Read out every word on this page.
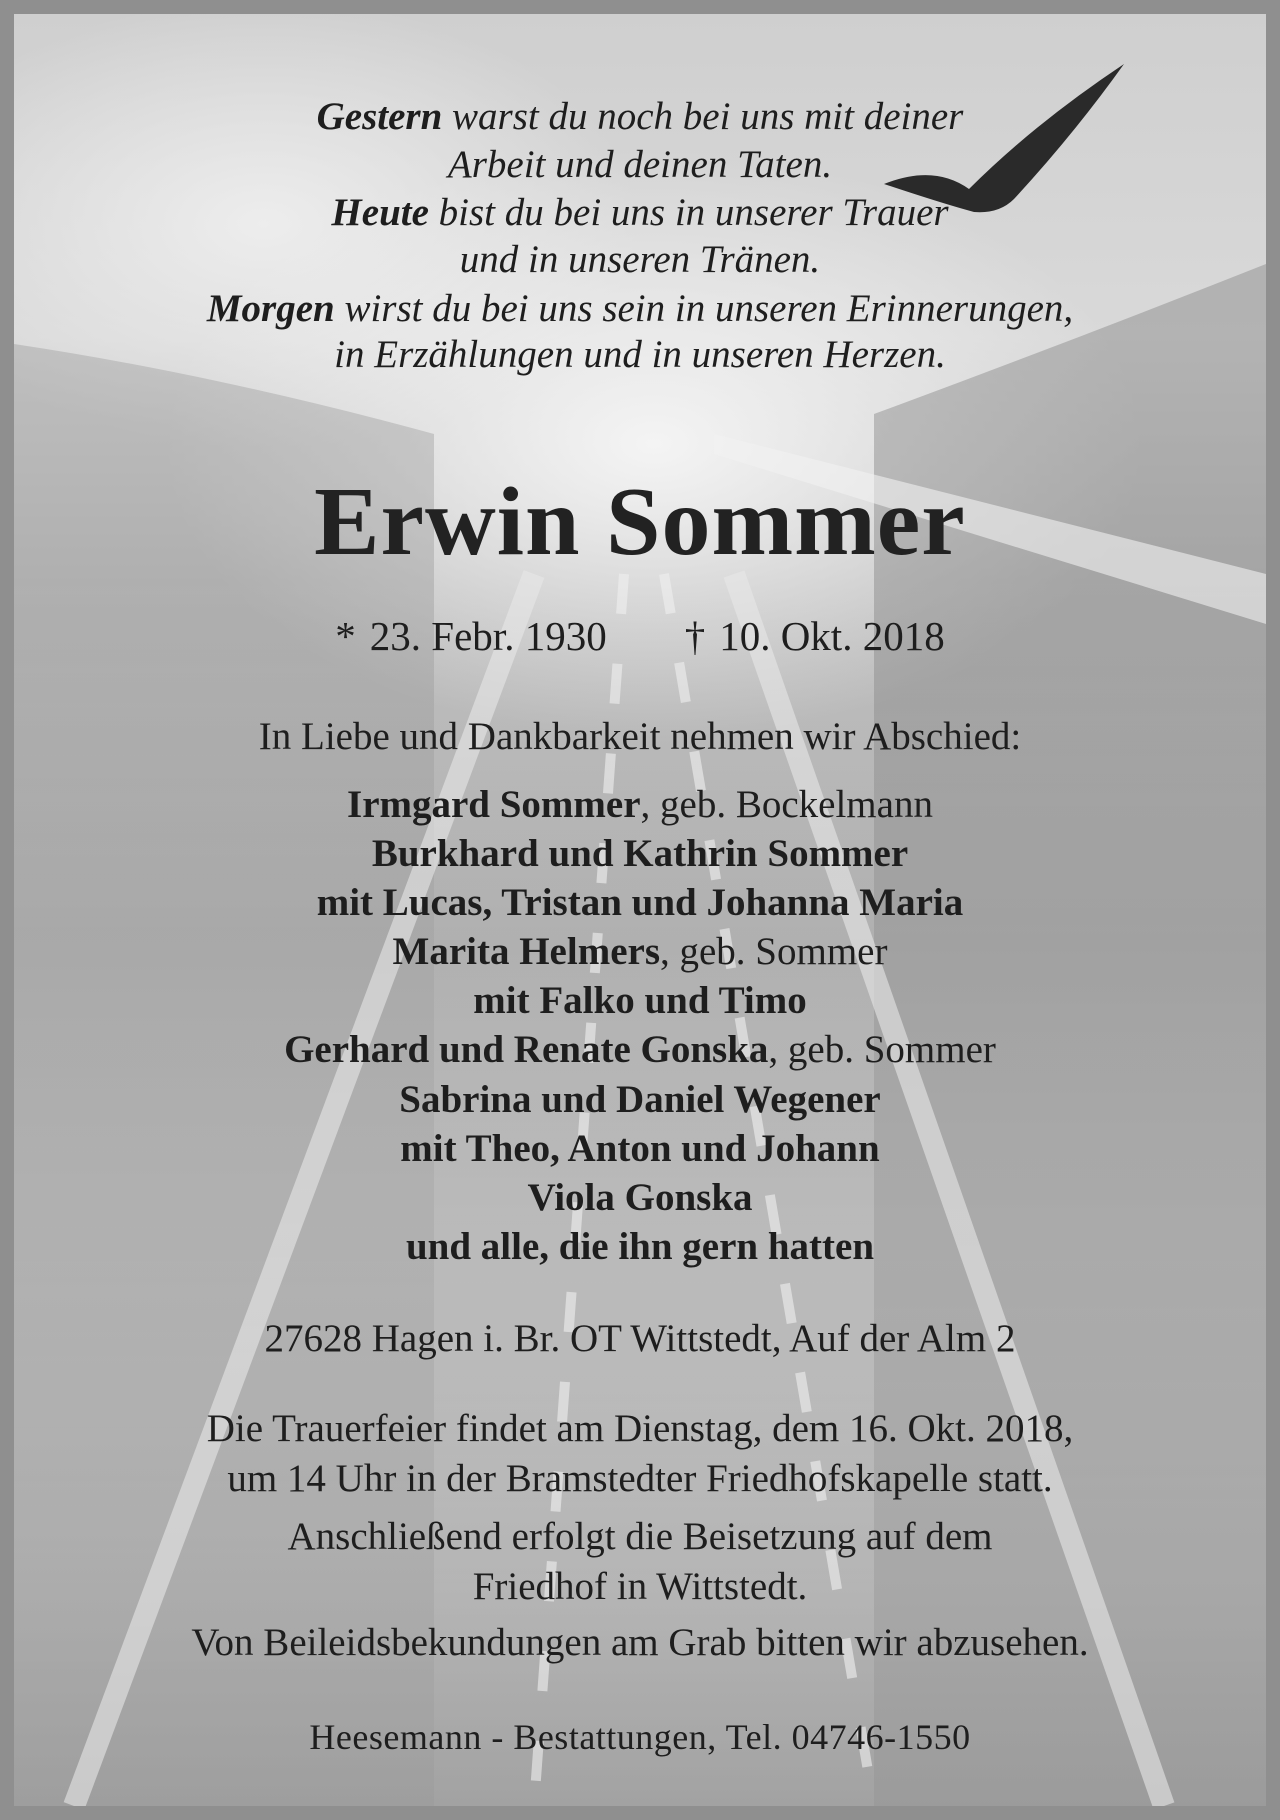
Gestern warst du noch bei uns mit deiner
Arbeit und deinen Taten.
Heute bist du bei uns in unserer Trauer
und in unseren Tränen.
Morgen wirst du bei uns sein in unseren Erinnerungen,
in Erzählungen und in unseren Herzen.
Erwin Sommer
* 23. Febr. 1930 † 10. Okt. 2018
In Liebe und Dankbarkeit nehmen wir Abschied:
Irmgard Sommer, geb. Bockelmann
Burkhard und Kathrin Sommer
mit Lucas, Tristan und Johanna Maria
Marita Helmers, geb. Sommer
mit Falko und Timo
Gerhard und Renate Gonska, geb. Sommer
Sabrina und Daniel Wegener
mit Theo, Anton und Johann
Viola Gonska
und alle, die ihn gern hatten
27628 Hagen i. Br. OT Wittstedt, Auf der Alm 2
Die Trauerfeier findet am Dienstag, dem 16. Okt. 2018,
um 14 Uhr in der Bramstedter Friedhofskapelle statt.
Anschließend erfolgt die Beisetzung auf dem
Friedhof in Wittstedt.
Von Beileidsbekundungen am Grab bitten wir abzusehen.
Heesemann - Bestattungen, Tel. 04746-1550
